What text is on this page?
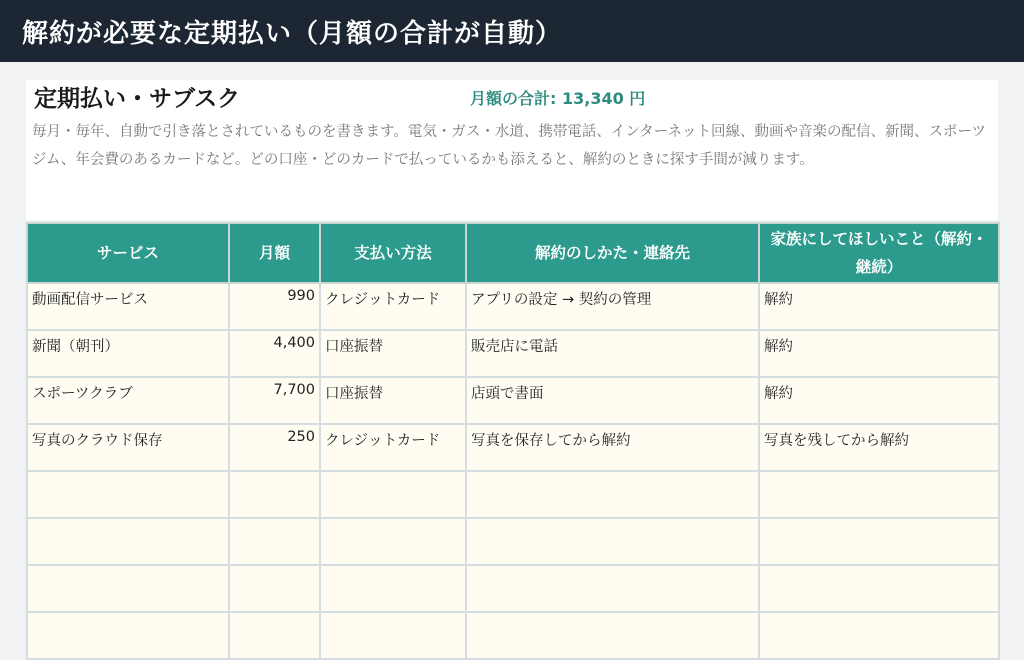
解約が必要な定期払い（月額の合計が自動）
定期払い・サブスク	月額の合計: 13,340 円
毎月・毎年、自動で引き落とされているものを書きます。電気・ガス・水道、携帯電話、インターネット回線、動画や音楽の配信、新聞、スポーツジム、年会費のあるカードなど。どの口座・どのカードで払っているかも添えると、解約のときに探す手間が減ります。
サービス	月額	支払い方法	解約のしかた・連絡先	家族にしてほしいこと（解約・継続）
動画配信サービス	990	クレジットカード	アプリの設定 → 契約の管理	解約
新聞（朝刊）	4,400	口座振替	販売店に電話	解約
スポーツクラブ	7,700	口座振替	店頭で書面	解約
写真のクラウド保存	250	クレジットカード	写真を保存してから解約	写真を残してから解約
